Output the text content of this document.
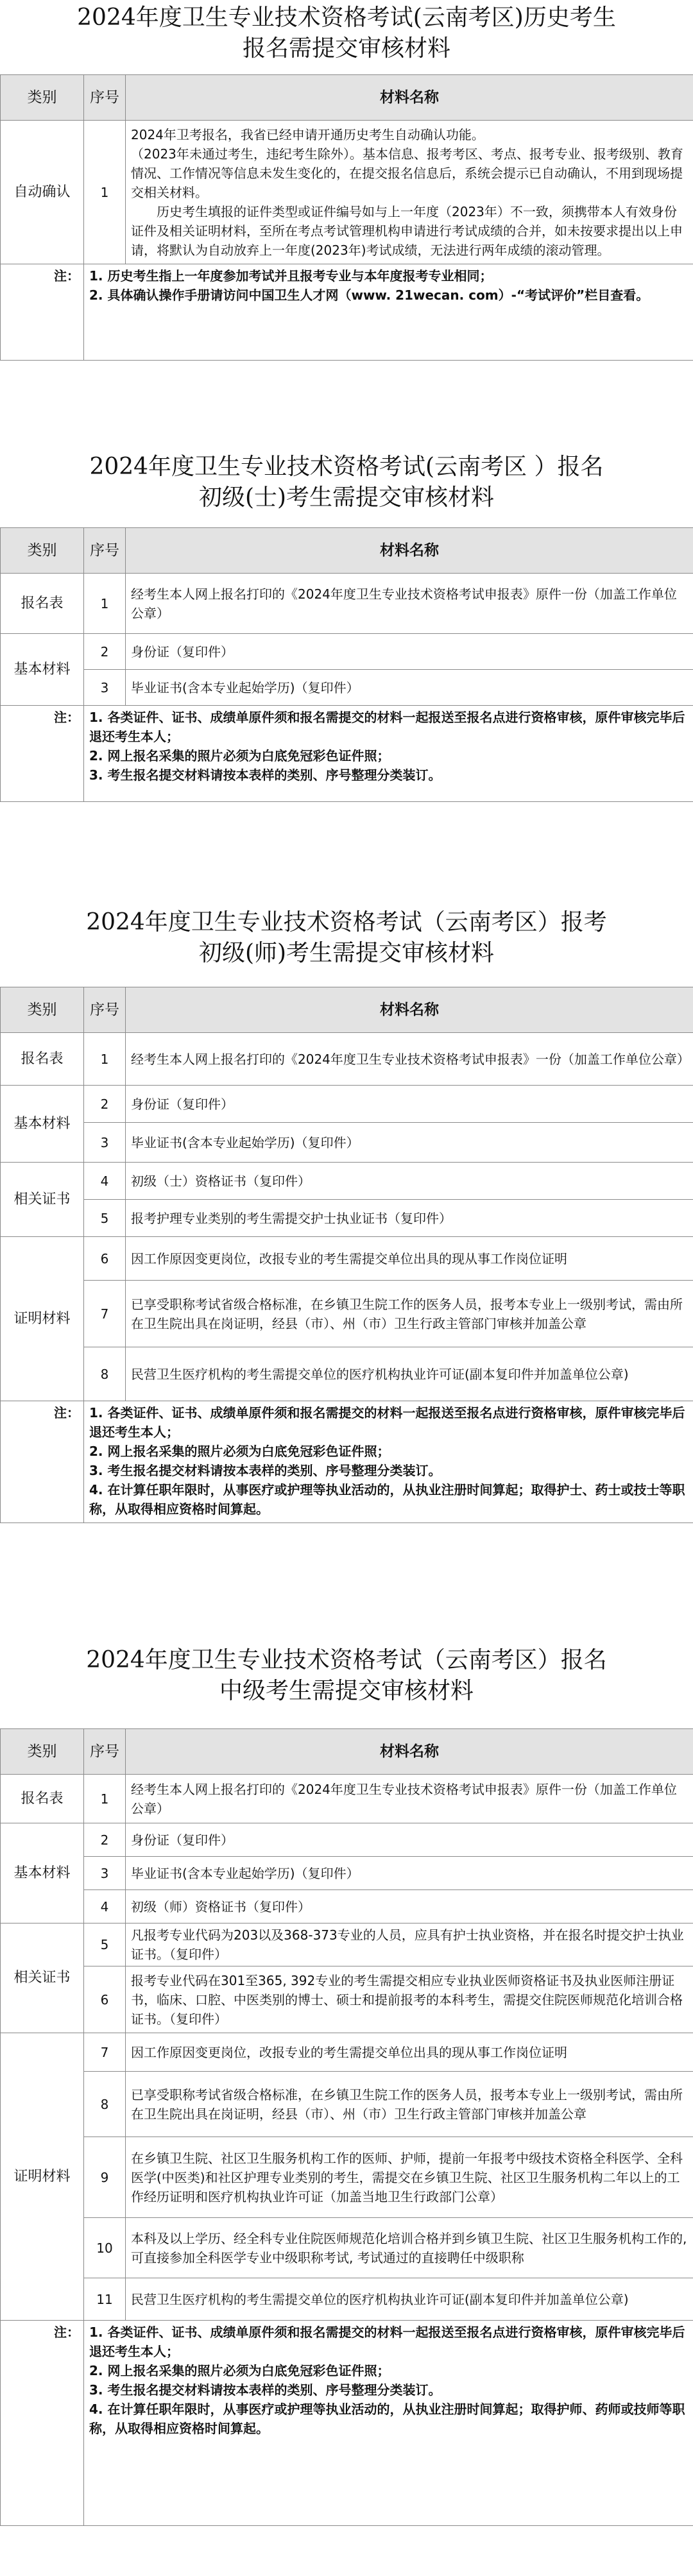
2024年度卫生专业技术资格考试(云南考区)历史考生
报名需提交审核材料
类别	序号	材料名称
自动确认	1	2024年卫考报名，我省已经申请开通历史考生自动确认功能。
（2023年未通过考生，违纪考生除外）。基本信息、报考考区、考点、报考专业、报考级别、教育情况、工作情况等信息未发生变化的，在提交报名信息后，系统会提示已自动确认，不用到现场提交相关材料。
　　历史考生填报的证件类型或证件编号如与上一年度（2023年）不一致，须携带本人有效身份证件及相关证明材料，至所在考点考试管理机构申请进行考试成绩的合并，如未按要求提出以上申请，将默认为自动放弃上一年度(2023年)考试成绩，无法进行两年成绩的滚动管理。
注：	1. 历史考生指上一年度参加考试并且报考专业与本年度报考专业相同；

2. 具体确认操作手册请访问中国卫生人才网（www. 21wecan. com）-“考试评价”栏目查看。	

2024年度卫生专业技术资格考试(云南考区 ）报名
初级(士)考生需提交审核材料
类别	序号	材料名称
报名表	1	经考生本人网上报名打印的《2024年度卫生专业技术资格考试申报表》原件一份（加盖工作单位公章）
基本材料	2	身份证（复印件）
	3	毕业证书(含本专业起始学历)（复印件）
注：	1. 各类证件、证书、成绩单原件须和报名需提交的材料一起报送至报名点进行资格审核，原件审核完毕后退还考生本人；

2. 网上报名采集的照片必须为白底免冠彩色证件照；

3. 考生报名提交材料请按本表样的类别、序号整理分类装订。	

2024年度卫生专业技术资格考试（云南考区）报考
初级(师)考生需提交审核材料
类别	序号	材料名称
报名表	1	经考生本人网上报名打印的《2024年度卫生专业技术资格考试申报表》一份（加盖工作单位公章）
基本材料	2	身份证（复印件）
	3	毕业证书(含本专业起始学历)（复印件）
相关证书	4	初级（士）资格证书（复印件）
	5	报考护理专业类别的考生需提交护士执业证书（复印件）
证明材料	6	因工作原因变更岗位，改报专业的考生需提交单位出具的现从事工作岗位证明
	7	已享受职称考试省级合格标准，在乡镇卫生院工作的医务人员，报考本专业上一级别考试，需由所在卫生院出具在岗证明，经县（市）、州（市）卫生行政主管部门审核并加盖公章
	8	民营卫生医疗机构的考生需提交单位的医疗机构执业许可证(副本复印件并加盖单位公章)
注：	1. 各类证件、证书、成绩单原件须和报名需提交的材料一起报送至报名点进行资格审核，原件审核完毕后退还考生本人；

2. 网上报名采集的照片必须为白底免冠彩色证件照；

3. 考生报名提交材料请按本表样的类别、序号整理分类装订。

4. 在计算任职年限时，从事医疗或护理等执业活动的，从执业注册时间算起；取得护士、药士或技士等职称，从取得相应资格时间算起。	

2024年度卫生专业技术资格考试（云南考区）报名
中级考生需提交审核材料
类别	序号	材料名称
报名表	1	经考生本人网上报名打印的《2024年度卫生专业技术资格考试申报表》原件一份（加盖工作单位公章）
基本材料	2	身份证（复印件）
	3	毕业证书(含本专业起始学历)（复印件）
	4	初级（师）资格证书（复印件）
相关证书	5	凡报考专业代码为203以及368-373专业的人员，应具有护士执业资格，并在报名时提交护士执业证书。（复印件）
	6	报考专业代码在301至365, 392专业的考生需提交相应专业执业医师资格证书及执业医师注册证书，临床、口腔、中医类别的博士、硕士和提前报考的本科考生，需提交住院医师规范化培训合格证书。（复印件）
证明材料	7	因工作原因变更岗位，改报专业的考生需提交单位出具的现从事工作岗位证明
	8	已享受职称考试省级合格标准，在乡镇卫生院工作的医务人员，报考本专业上一级别考试，需由所在卫生院出具在岗证明，经县（市）、州（市）卫生行政主管部门审核并加盖公章
	9	在乡镇卫生院、社区卫生服务机构工作的医师、护师，提前一年报考中级技术资格全科医学、全科医学(中医类)和社区护理专业类别的考生，需提交在乡镇卫生院、社区卫生服务机构二年以上的工作经历证明和医疗机构执业许可证（加盖当地卫生行政部门公章）
	10	本科及以上学历、经全科专业住院医师规范化培训合格并到乡镇卫生院、社区卫生服务机构工作的, 可直接参加全科医学专业中级职称考试, 考试通过的直接聘任中级职称
	11	民营卫生医疗机构的考生需提交单位的医疗机构执业许可证(副本复印件并加盖单位公章)
注：	1. 各类证件、证书、成绩单原件须和报名需提交的材料一起报送至报名点进行资格审核，原件审核完毕后退还考生本人；

2. 网上报名采集的照片必须为白底免冠彩色证件照；

3. 考生报名提交材料请按本表样的类别、序号整理分类装订。

4. 在计算任职年限时，从事医疗或护理等执业活动的，从执业注册时间算起；取得护师、药师或技师等职称，从取得相应资格时间算起。	
